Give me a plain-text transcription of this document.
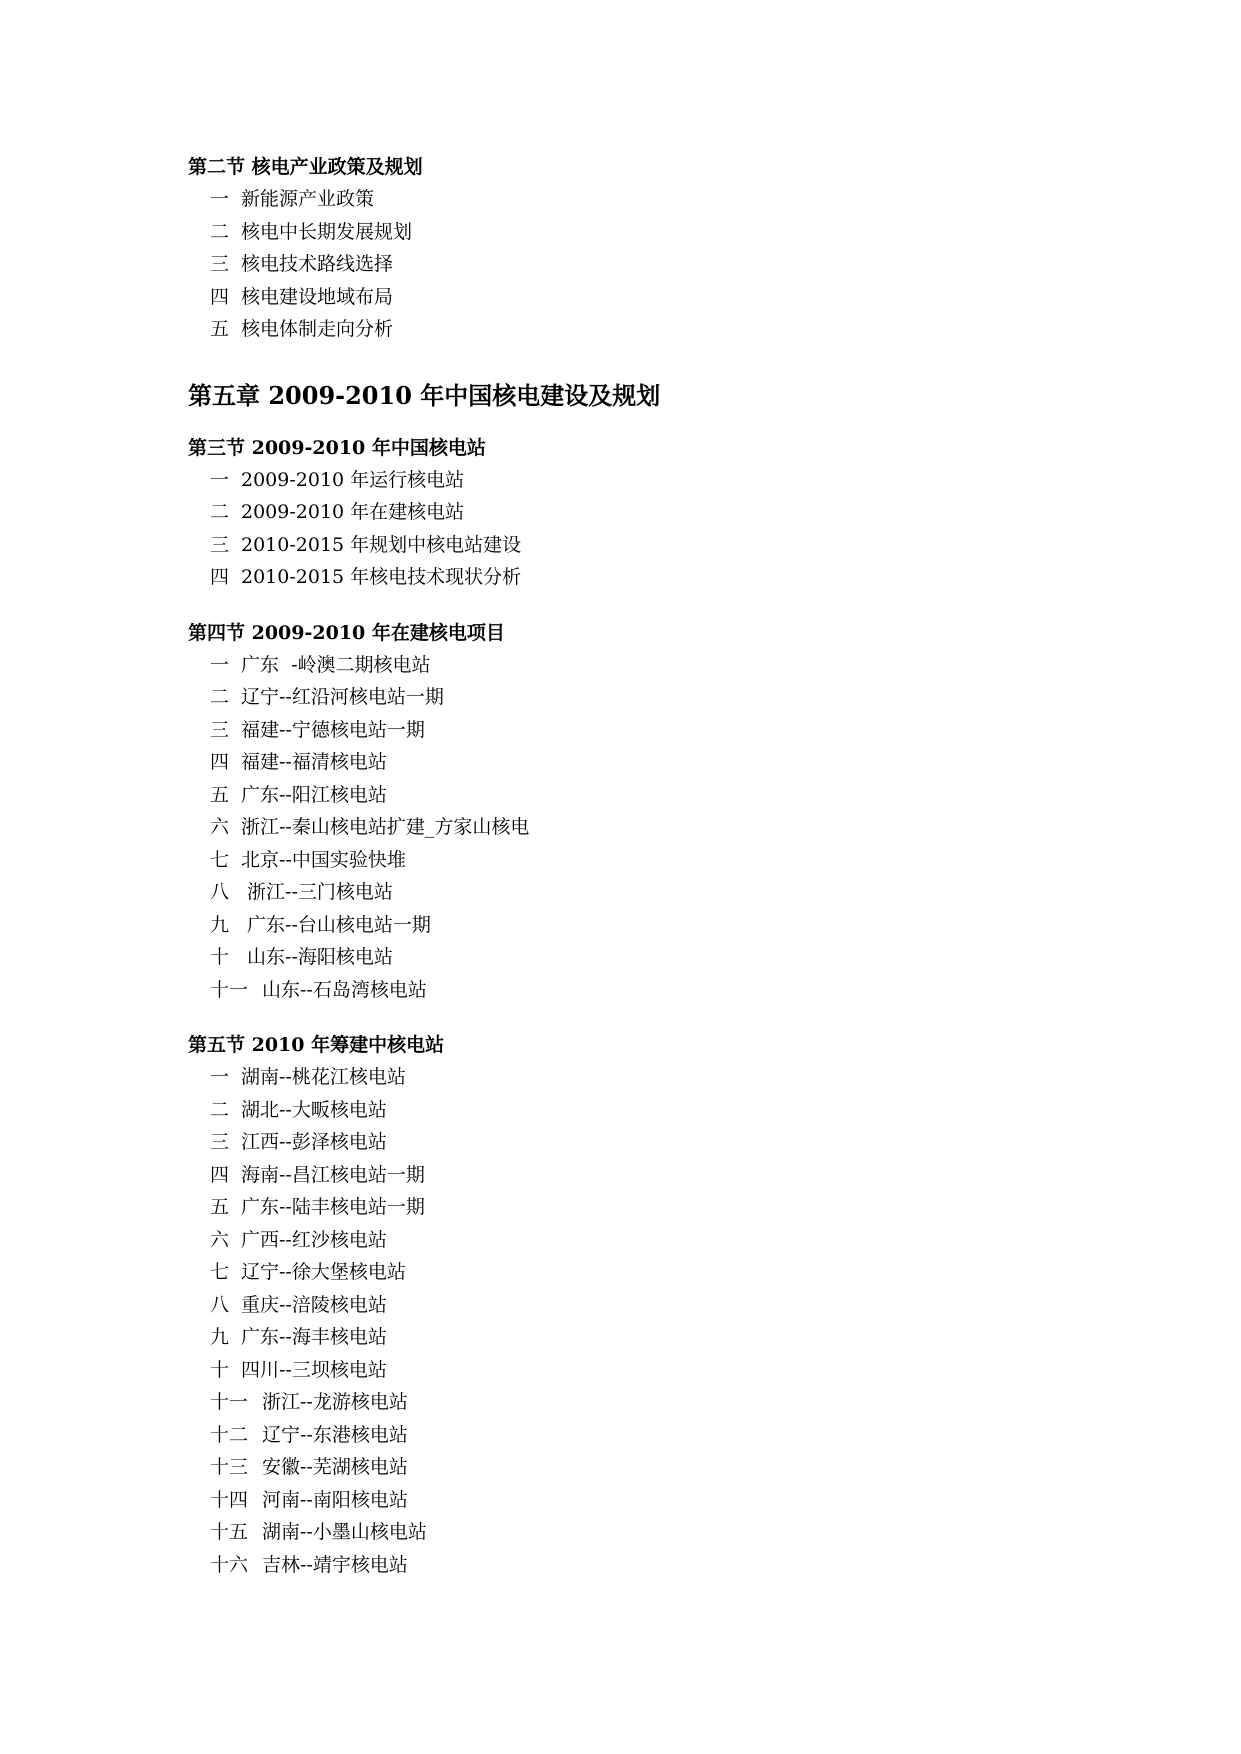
第二节 核电产业政策及规划
一 新能源产业政策
二 核电中长期发展规划
三 核电技术路线选择
四 核电建设地域布局
五 核电体制走向分析
第五章 2009-2010 年中国核电建设及规划
第三节 2009-2010 年中国核电站
一 2009-2010 年运行核电站
二 2009-2010 年在建核电站
三 2010-2015 年规划中核电站建设
四 2010-2015 年核电技术现状分析
第四节 2009-2010 年在建核电项目
一 广东  -岭澳二期核电站
二 辽宁--红沿河核电站一期
三 福建--宁德核电站一期
四 福建--福清核电站
五 广东--阳江核电站
六 浙江--秦山核电站扩建_方家山核电
七 北京--中国实验快堆
八 浙江--三门核电站
九 广东--台山核电站一期
十 山东--海阳核电站
十一 山东--石岛湾核电站
第五节 2010 年筹建中核电站
一 湖南--桃花江核电站
二 湖北--大畈核电站
三 江西--彭泽核电站
四 海南--昌江核电站一期
五 广东--陆丰核电站一期
六 广西--红沙核电站
七 辽宁--徐大堡核电站
八 重庆--涪陵核电站
九 广东--海丰核电站
十 四川--三坝核电站
十一 浙江--龙游核电站
十二 辽宁--东港核电站
十三 安徽--芜湖核电站
十四 河南--南阳核电站
十五 湖南--小墨山核电站
十六 吉林--靖宇核电站
